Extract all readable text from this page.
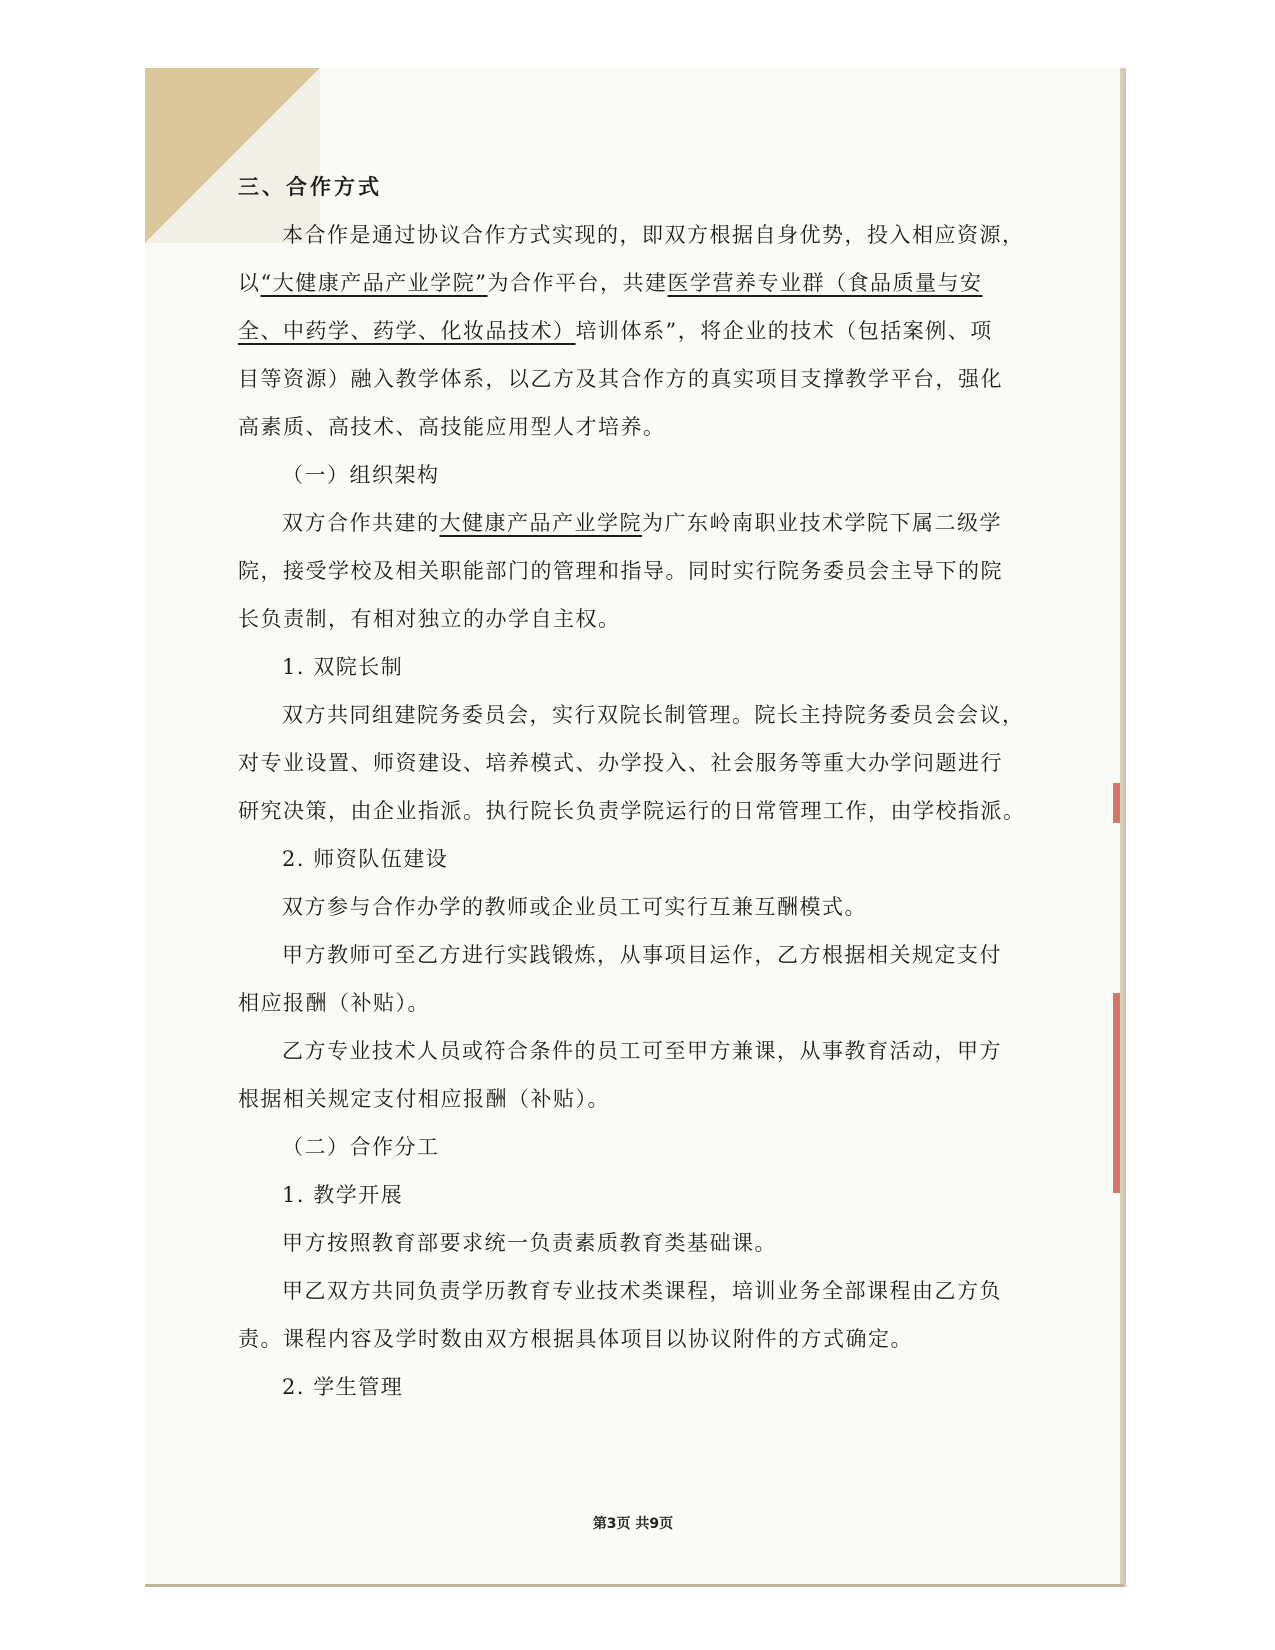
三、合作方式
本合作是通过协议合作方式实现的，即双方根据自身优势，投入相应资源，
以“大健康产品产业学院”为合作平台，共建医学营养专业群（食品质量与安
全、中药学、药学、化妆品技术）培训体系”，将企业的技术（包括案例、项
目等资源）融入教学体系，以乙方及其合作方的真实项目支撑教学平台，强化
高素质、高技术、高技能应用型人才培养。
（一）组织架构
双方合作共建的大健康产品产业学院为广东岭南职业技术学院下属二级学
院，接受学校及相关职能部门的管理和指导。同时实行院务委员会主导下的院
长负责制，有相对独立的办学自主权。
1. 双院长制
双方共同组建院务委员会，实行双院长制管理。院长主持院务委员会会议，
对专业设置、师资建设、培养模式、办学投入、社会服务等重大办学问题进行
研究决策，由企业指派。执行院长负责学院运行的日常管理工作，由学校指派。
2. 师资队伍建设
双方参与合作办学的教师或企业员工可实行互兼互酬模式。
甲方教师可至乙方进行实践锻炼，从事项目运作，乙方根据相关规定支付
相应报酬（补贴）。
乙方专业技术人员或符合条件的员工可至甲方兼课，从事教育活动，甲方
根据相关规定支付相应报酬（补贴）。
（二）合作分工
1. 教学开展
甲方按照教育部要求统一负责素质教育类基础课。
甲乙双方共同负责学历教育专业技术类课程，培训业务全部课程由乙方负
责。课程内容及学时数由双方根据具体项目以协议附件的方式确定。
2. 学生管理
第3页 共9页
